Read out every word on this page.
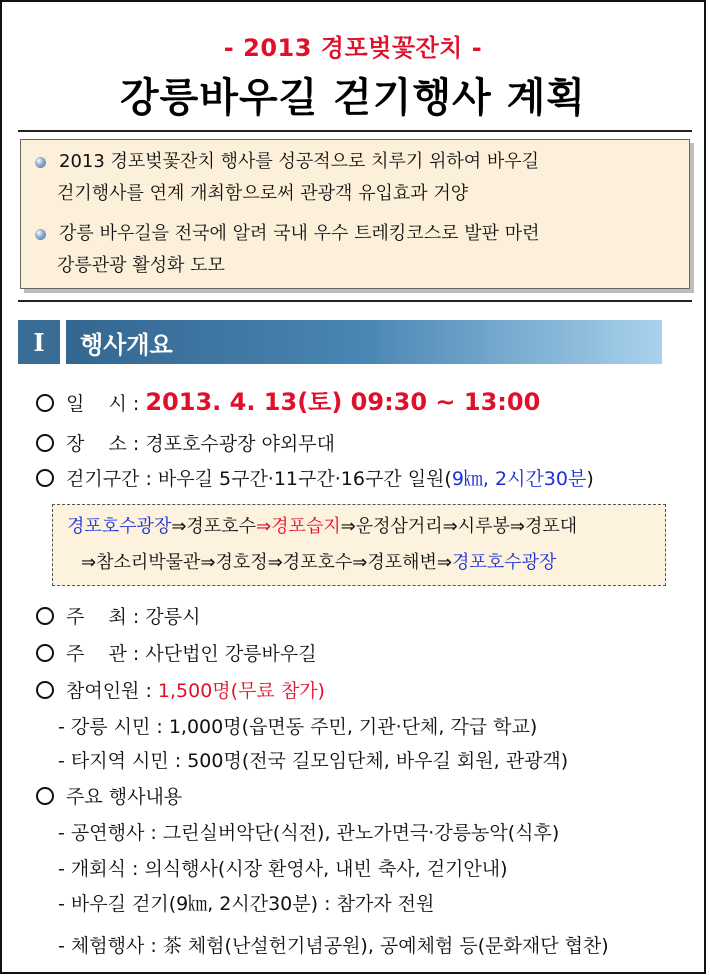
- 2013 경포벚꽃잔치 -
강릉바우길 걷기행사 계획
2013 경포벚꽃잔치 행사를 성공적으로 치루기 위하여 바우길
걷기행사를 연계 개최함으로써 관광객 유입효과 거양
강릉 바우길을 전국에 알려 국내 우수 트레킹코스로 발판 마련
강릉관광 활성화 도모
Ⅰ	행사개요
일    시 : 2013. 4. 13(토) 09:30 ~ 13:00
장    소 : 경포호수광장 야외무대
걷기구간 : 바우길 5구간·11구간·16구간 일원(9㎞, 2시간30분)
경포호수광장⇒경포호수⇒경포습지⇒운정삼거리⇒시루봉⇒경포대
⇒참소리박물관⇒경호정⇒경포호수⇒경포해변⇒경포호수광장
주    최 : 강릉시
주    관 : 사단법인 강릉바우길
참여인원 : 1,500명(무료 참가)
- 강릉 시민 : 1,000명(읍면동 주민, 기관·단체, 각급 학교)
- 타지역 시민 : 500명(전국 길모임단체, 바우길 회원, 관광객)
주요 행사내용
- 공연행사 : 그린실버악단(식전), 관노가면극·강릉농악(식후)
- 개회식 : 의식행사(시장 환영사, 내빈 축사, 걷기안내)
- 바우길 걷기(9㎞, 2시간30분) : 참가자 전원
- 체험행사 : 茶 체험(난설헌기념공원), 공예체험 등(문화재단 협찬)
